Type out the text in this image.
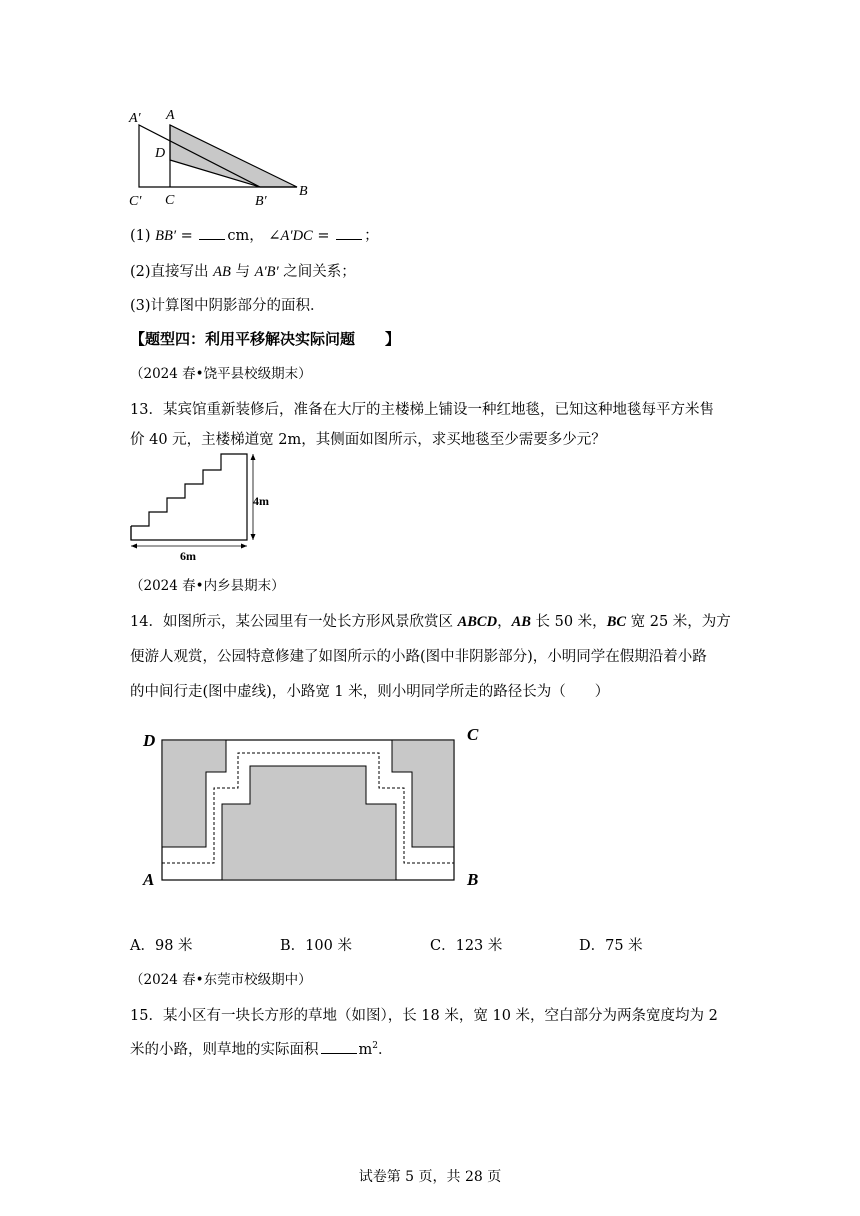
A′ A
D
C′ C	B′
B
(1) BB′ = cm， ∠A′DC = ；
(2)直接写出 AB 与 A′B′ 之间关系；
(3)计算图中阴影部分的面积．
【题型四：利用平移解决实际问题　　】
（2024 春•饶平县校级期末）
13．某宾馆重新装修后，准备在大厅的主楼梯上铺设一种红地毯，已知这种地毯每平方米售
价 40 元，主楼梯道宽 2m，其侧面如图所示，求买地毯至少需要多少元？
4m
6m
（2024 春•内乡县期末）
14．如图所示，某公园里有一处长方形风景欣赏区 ABCD，AB 长 50 米，BC 宽 25 米，为方
便游人观赏，公园特意修建了如图所示的小路(图中非阴影部分)，小明同学在假期沿着小路
的中间行走(图中虚线)，小路宽 1 米，则小明同学所走的路径长为（　　）
D	C
A	B
A．98 米	B．100 米	C．123 米	D．75 米
（2024 春•东莞市校级期中）
15．某小区有一块长方形的草地（如图），长 18 米，宽 10 米，空白部分为两条宽度均为 2
米的小路，则草地的实际面积	$m^2$．
试卷第 5 页，共 28 页
